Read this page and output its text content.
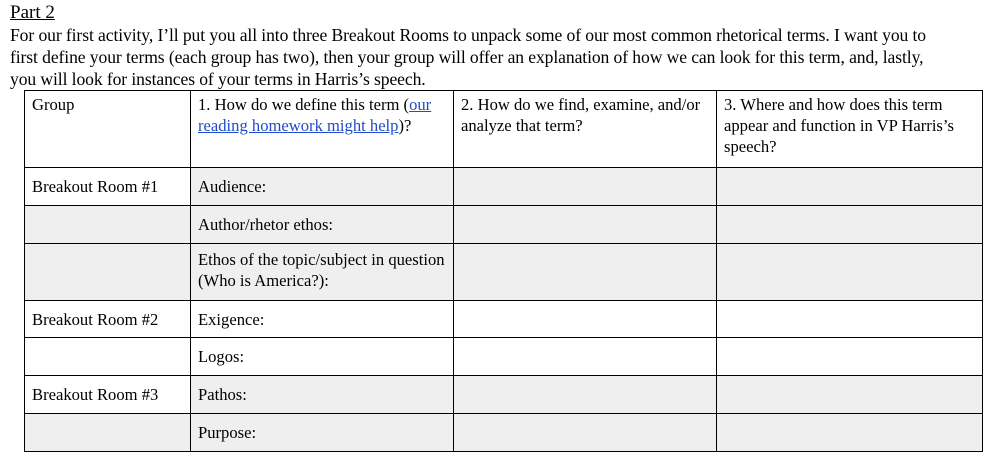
Part 2

For our first activity, I’ll put you all into three Breakout Rooms to unpack some of our most common rhetorical terms. I want you to
first define your terms (each group has two), then your group will offer an explanation of how we can look for this term, and, lastly,
you will look for instances of your terms in Harris’s speech.

Group	1. How do we define this term (our reading homework might help)?	2. How do we find, examine, and/or analyze that term?	3. Where and how does this term appear and function in VP Harris’s speech?
Breakout Room #1	Audience:		
	Author/rhetor ethos:		
	Ethos of the topic/subject in question (Who is America?):		
Breakout Room #2	Exigence:		
	Logos:		
Breakout Room #3	Pathos:		
	Purpose:		
